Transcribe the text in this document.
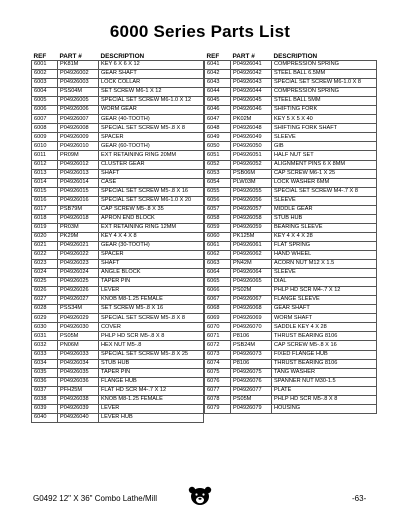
6000 Series Parts List
REF	PART #	DESCRIPTION
6001	PK81M	KEY 6 X 6 X 12
6002	P04926002	GEAR SHAFT
6003	P04926003	LOCK COLLAR
6004	PSS04M	SET SCREW M6-1 X 12
6005	P04926005	SPECIAL SET SCREW M6-1.0 X 12
6006	P04926006	WORM GEAR
6007	P04926007	GEAR (40-TOOTH)
6008	P04926008	SPECIAL SET SCREW M5-.8 X 8
6009	P04926009	SPACER
6010	P04926010	GEAR (60-TOOTH)
6011	PR09M	EXT RETAINING RING 20MM
6012	P04926012	CLUSTER GEAR
6013	P04926013	SHAFT
6014	P04926014	CASE
6015	P04926015	SPECIAL SET SCREW M5-.8 X 16
6016	P04926016	SPECIAL SET SCREW M6-1.0 X 20
6017	PSB79M	CAP SCREW M5-.8 X 35
6018	P04926018	APRON END BLOCK
6019	PR03M	EXT RETAINING RING 12MM
6020	PK29M	KEY 4 X 4 X 8
6021	P04926021	GEAR (30-TOOTH)
6022	P04926022	SPACER
6023	P04926023	SHAFT
6024	P04926024	ANGLE BLOCK
6025	P04926025	TAPER PIN
6026	P04926026	LEVER
6027	P04926027	KNOB M8-1.25 FEMALE
6028	PSS34M	SET SCREW M5-.8 X 16
6029	P04926029	SPECIAL SET SCREW M5-.8 X 8
6030	P04926030	COVER
6031	PS05M	PHLP HD SCR M5-.8 X 8
6032	PN06M	HEX NUT M5-.8
6033	P04926033	SPECIAL SET SCREW M5-.8 X 25
6034	P04926034	STUB HUB
6035	P04926035	TAPER PIN
6036	P04926036	FLANGE HUB
6037	PFH25M	FLAT HD SCR M4-.7 X 12
6038	P04926038	KNOB M8-1.25 FEMALE
6039	P04926039	LEVER
6040	P04926040	LEVER HUB
REF	PART #	DESCRIPTION
6041	P04926041	COMPRESSION SPRING
6042	P04926042	STEEL BALL 6.5MM
6043	P04926043	SPECIAL SET SCREW M6-1.0 X 8
6044	P04926044	COMPRESSION SPRING
6045	P04926045	STEEL BALL 5MM
6046	P04926046	SHIFTING FORK
6047	PK02M	KEY 5 X 5 X 40
6048	P04926048	SHIFTING FORK SHAFT
6049	P04926049	SLEEVE
6050	P04926050	GIB
6051	P04926051	HALF NUT SET
6052	P04926052	ALIGNMENT PINS 6 X 8MM
6053	PSB06M	CAP SCREW M6-1 X 25
6054	PLW03M	LOCK WASHER 6MM
6055	P04926055	SPECIAL SET SCREW M4-.7 X 8
6056	P04926056	SLEEVE
6057	P04926057	MIDDLE GEAR
6058	P04926058	STUB HUB
6059	P04926059	BEARING SLEEVE
6060	PK125M	KEY 4 X 4 X 28
6061	P04926061	FLAT SPRING
6062	P04926062	HAND WHEEL
6063	PN42M	ACORN NUT M12 X 1.5
6064	P04926064	SLEEVE
6065	P04926065	DIAL
6066	PS02M	PHLP HD SCR M4-.7 X 12
6067	P04926067	FLANGE SLEEVE
6068	P04926068	GEAR SHAFT
6069	P04926069	WORM SHAFT
6070	P04926070	SADDLE KEY 4 X 28
6071	P8106	THRUST BEARING 8106
6072	PSB24M	CAP SCREW M5-.8 X 16
6073	P04926073	FIXED FLANGE HUB
6074	P8106	THRUST BEARING 8106
6075	P04926075	TANG WASHER
6076	P04926076	SPANNER NUT M30-1.5
6077	P04926077	PLATE
6078	PS05M	PHLP HD SCR M5-.8 X 8
6079	P04926079	HOUSING
G0492 12" X 36" Combo Lathe/Mill	-63-
